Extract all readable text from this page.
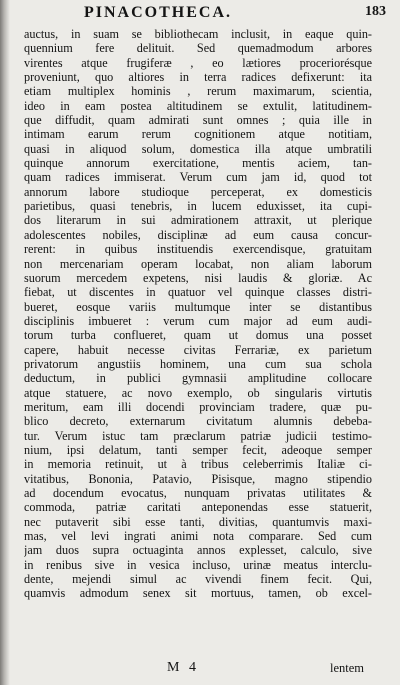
PINACOTHECA.	183
auctus, in suam se bibliothecam inclusit, in eaque quin-
quennium fere delituit. Sed quemadmodum arbores
virentes atque frugiferæ , eo lætiores proceriorésque
proveniunt, quo altiores in terra radices defixerunt: ita
etiam multiplex hominis , rerum maximarum, scientia,
ideo in eam postea altitudinem se extulit, latitudinem-
que diffudit, quam admirati sunt omnes ; quia ille in
intimam earum rerum cognitionem atque notitiam,
quasi in aliquod solum, domestica illa atque umbratili
quinque annorum exercitatione, mentis aciem, tan-
quam radices immiserat. Verum cum jam id, quod tot
annorum labore studioque perceperat, ex domesticis
parietibus, quasi tenebris, in lucem eduxisset, ita cupi-
dos literarum in sui admirationem attraxit, ut plerique
adolescentes nobiles, disciplinæ ad eum causa concur-
rerent: in quibus instituendis exercendisque, gratuitam
non mercenariam operam locabat, non aliam laborum
suorum mercedem expetens, nisi laudis & gloriæ. Ac
fiebat, ut discentes in quatuor vel quinque classes distri-
bueret, eosque variis multumque inter se distantibus
disciplinis imbueret : verum cum major ad eum audi-
torum turba conflueret, quam ut domus una posset
capere, habuit necesse civitas Ferrariæ, ex parietum
privatorum angustiis hominem, una cum sua schola
deductum, in publici gymnasii amplitudine collocare
atque statuere, ac novo exemplo, ob singularis virtutis
meritum, eam illi docendi provinciam tradere, quæ pu-
blico decreto, externarum civitatum alumnis debeba-
tur. Verum istuc tam præclarum patriæ judicii testimo-
nium, ipsi delatum, tanti semper fecit, adeoque semper
in memoria retinuit, ut à tribus celeberrimis Italiæ ci-
vitatibus, Bononia, Patavio, Pisisque, magno stipendio
ad docendum evocatus, nunquam privatas utilitates &
commoda, patriæ caritati anteponendas esse statuerit,
nec putaverit sibi esse tanti, divitias, quantumvis maxi-
mas, vel levi ingrati animi nota comparare. Sed cum
jam duos supra octuaginta annos explesset, calculo, sive
in renibus sive in vesica incluso, urinæ meatus interclu-
dente, mejendi simul ac vivendi finem fecit. Qui,
quamvis admodum senex sit mortuus, tamen, ob excel-
M 4	lentem
